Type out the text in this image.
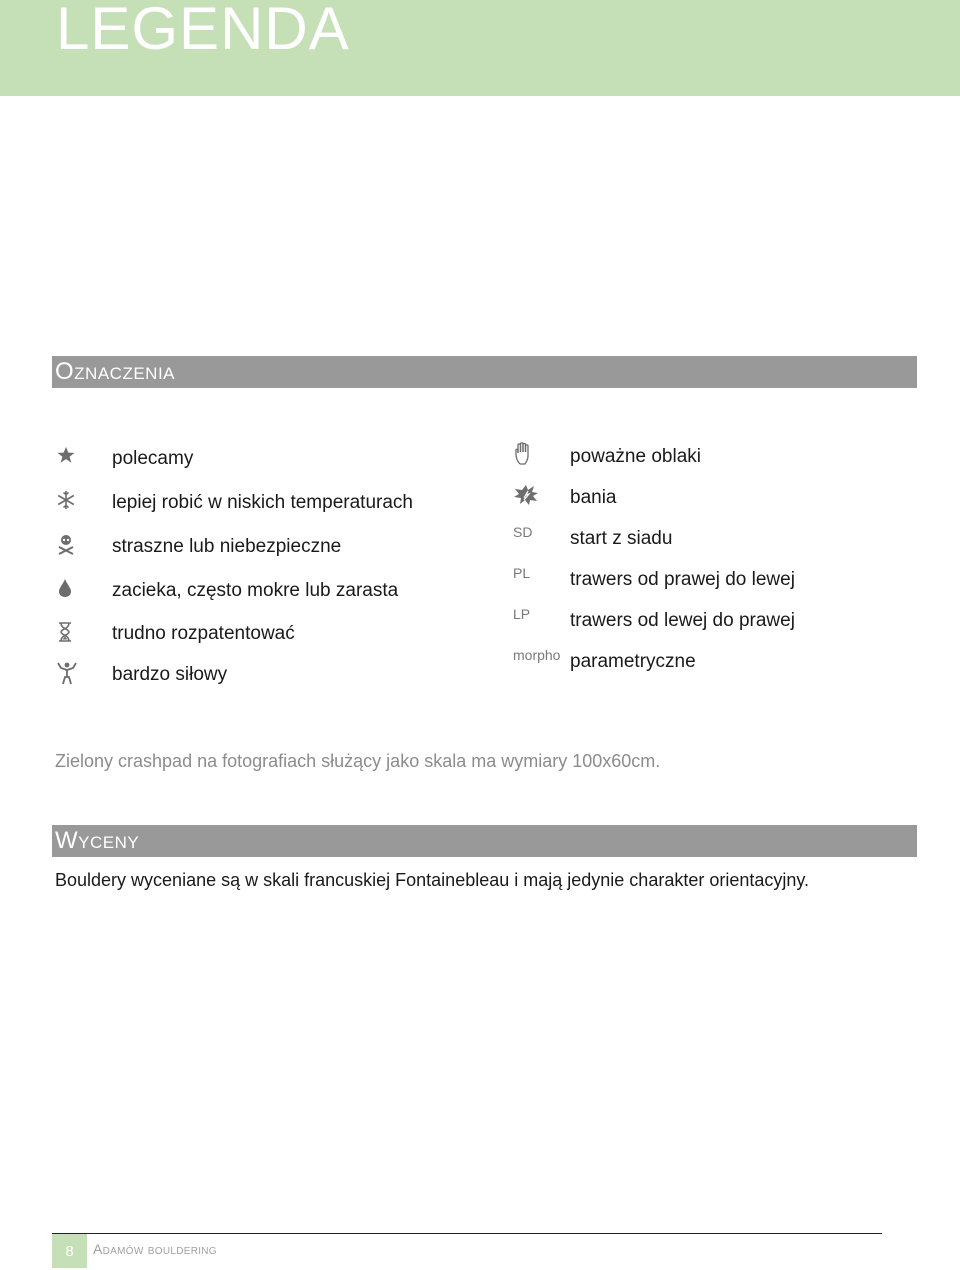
LEGENDA
Oznaczenia
polecamy
lepiej robić w niskich temperaturach
straszne lub niebezpieczne
zacieka, często mokre lub zarasta
trudno rozpatentować
bardzo siłowy
poważne oblaki
bania
SD start z siadu
PL trawers od prawej do lewej
LP trawers od lewej do prawej
morpho parametryczne
Zielony crashpad na fotografiach służący jako skala ma wymiary 100x60cm.
Wyceny
Bouldery wyceniane są w skali francuskiej Fontainebleau i mają jedynie charakter orientacyjny.
8	Adamów bouldering
